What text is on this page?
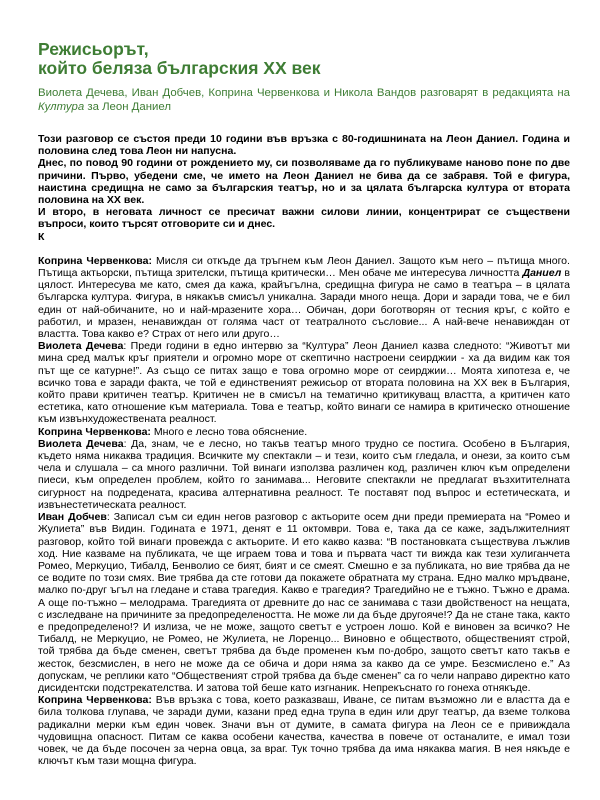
Режисьорът,
който беляза българския ХХ век

Виолета Дечева, Иван Добчев, Коприна Червенкова и Никола Вандов разговарят в редакцията на Култура за Леон Даниел

Този разговор се състоя преди 10 години във връзка с 80-годишнината на Леон Даниел. Година и половина след това Леон ни напусна.

Днес, по повод 90 години от рождението му, си позволяваме да го публикуваме наново поне по две причини. Първо, убедени сме, че името на Леон Даниел не бива да се забравя. Той е фигура, наистина средищна не само за българския театър, но и за цялата българска култура от втората половина на ХХ век.

И второ, в неговата личност се пресичат важни силови линии, концентрират се съществени въпроси, които търсят отговорите си и днес.

К

Коприна Червенкова: Мисля си откъде да тръгнем към Леон Даниел. Защото към него – пътища много. Пътища актьорски, пътища зрителски, пътища критически… Мен обаче ме интересува личността Даниел в цялост. Интересува ме като, смея да кажа, крайъгълна, средищна фигура не само в театъра – в цялата българска култура. Фигура, в някакъв смисъл уникална. Заради много неща. Дори и заради това, че е бил един от най-обичаните, но и най-мразените хора… Обичан, дори боготворян от тесния кръг, с който е работил, и мразен, ненавиждан от голяма част от театралното съсловие... А най-вече ненавиждан от властта. Това какво е? Страх от него или друго…

Виолета Дечева: Преди години в едно интервю за “Култура” Леон Даниел казва следното: “Животът ми мина сред малък кръг приятели и огромно море от скептично настроени сеирджии - ха да видим как тоя път ще се катурне!”. Аз също се питах защо е това огромно море от сеирджии… Моята хипотеза е, че всичко това е заради факта, че той е единственият режисьор от втората половина на ХХ век в България, който прави критичен театър. Критичен не в смисъл на тематично критикуващ властта, а критичен като естетика, като отношение към материала. Това е театър, който винаги се намира в критическо отношение към извънхудожествената реалност.

Коприна Червенкова: Много е лесно това обяснение.

Виолета Дечева: Да, знам, че е лесно, но такъв театър много трудно се постига. Особено в България, където няма никаква традиция. Всичките му спектакли – и тези, които съм гледала, и онези, за които съм чела и слушала – са много различни. Той винаги използва различен код, различен ключ към определени пиеси, към определен проблем, който го занимава... Неговите спектакли не предлагат възхитителната сигурност на подредената, красива алтернативна реалност. Те поставят под въпрос и естетическата, и извънестетическата реалност.

Иван Добчев: Записал съм си един негов разговор с актьорите осем дни преди премиерата на “Ромео и Жулиета” във Видин. Годината е 1971, денят е 11 октомври. Това е, така да се каже, задължителният разговор, който той винаги провежда с актьорите. И ето какво казва: “В постановката съществува лъжлив ход. Ние казваме на публиката, че ще играем това и това и първата част ти вижда как тези хулиганчета Ромео, Меркуцио, Тибалд, Бенволио се бият, бият и се смеят. Смешно е за публиката, но вие трябва да не се водите по този смях. Вие трябва да сте готови да покажете обратната му страна. Едно малко мръдване, малко по-друг ъгъл на гледане и става трагедия. Какво е трагедия? Трагедийно не е тъжно. Тъжно е драма. А още по-тъжно – мелодрама. Трагедията от древните до нас се занимава с тази двойственост на нещата, с изследване на причините за предопределеността. Не може ли да бъде другояче!? Да не стане така, както е предопределено!? И излиза, че не може, защото светът е устроен лошо. Кой е виновен за всичко? Не Тибалд, не Меркуцио, не Ромео, не Жулиета, не Лоренцо... Виновно е обществото, общественият строй, той трябва да бъде сменен, светът трябва да бъде променен към по-добро, защото светът като такъв е жесток, безсмислен, в него не може да се обича и дори няма за какво да се умре. Безсмислено е.” Аз допускам, че реплики като “Общественият строй трябва да бъде сменен” са го чели направо директно като дисидентски подстрекателства. И затова той беше като изгнаник. Непрекъснато го гонеха отнякъде.

Коприна Червенкова: Във връзка с това, което разказваш, Иване, се питам възможно ли е властта да е била толкова глупава, че заради думи, казани пред една трупа в един или друг театър, да вземе толкова радикални мерки към един човек. Значи вън от думите, в самата фигура на Леон се е привиждала чудовищна опасност. Питам се каква особени качества, качества в повече от останалите, е имал този човек, че да бъде посочен за черна овца, за враг. Тук точно трябва да има някаква магия. В нея някъде е ключът към тази мощна фигура.
